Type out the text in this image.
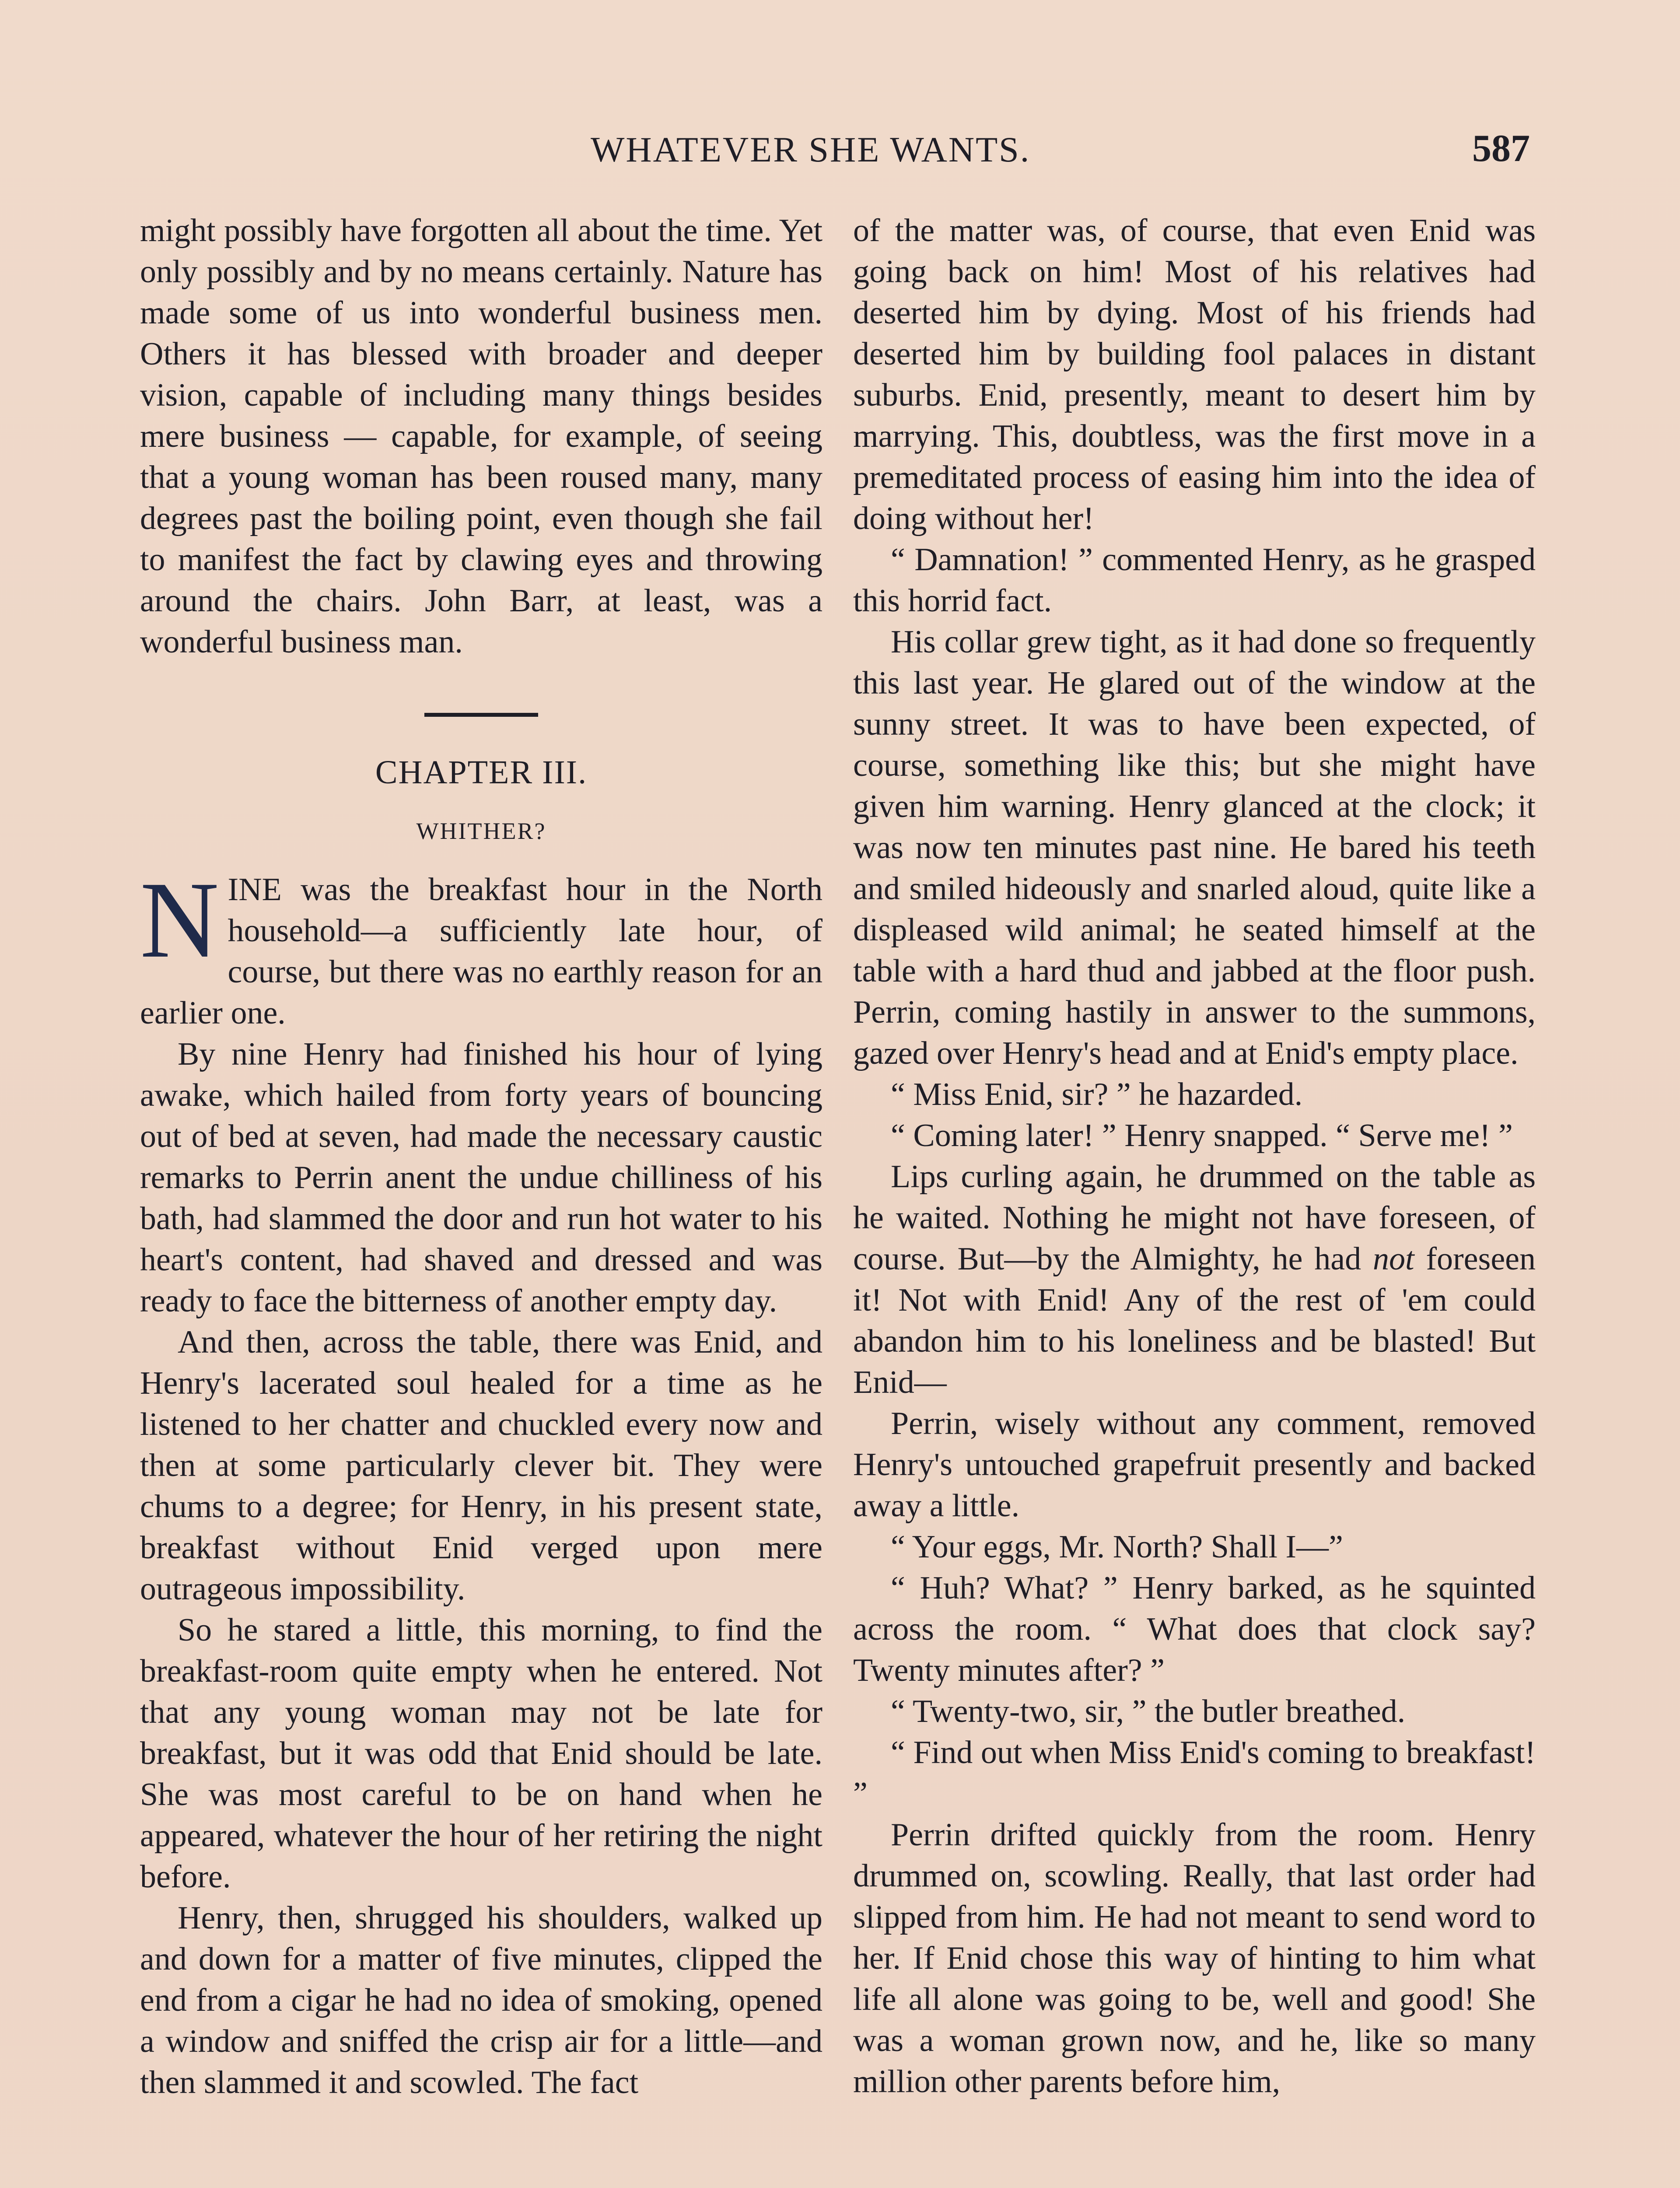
WHATEVER SHE WANTS.	587

might possibly have forgotten all about the time. Yet only possibly and by no means certainly. Nature has made some of us into wonderful business men. Others it has blessed with broader and deeper vision, capable of including many things besides mere business — capable, for example, of seeing that a young woman has been roused many, many degrees past the boiling point, even though she fail to manifest the fact by clawing eyes and throwing around the chairs. John Barr, at least, was a wonderful business man.

CHAPTER III.
WHITHER?

NINE was the breakfast hour in the North household—a sufficiently late hour, of course, but there was no earthly reason for an earlier one.

By nine Henry had finished his hour of lying awake, which hailed from forty years of bouncing out of bed at seven, had made the necessary caustic remarks to Perrin anent the undue chilliness of his bath, had slammed the door and run hot water to his heart's content, had shaved and dressed and was ready to face the bitterness of another empty day.

And then, across the table, there was Enid, and Henry's lacerated soul healed for a time as he listened to her chatter and chuckled every now and then at some particularly clever bit. They were chums to a degree; for Henry, in his present state, breakfast without Enid verged upon mere outrageous impossibility.

So he stared a little, this morning, to find the breakfast-room quite empty when he entered. Not that any young woman may not be late for breakfast, but it was odd that Enid should be late. She was most careful to be on hand when he appeared, whatever the hour of her retiring the night before.

Henry, then, shrugged his shoulders, walked up and down for a matter of five minutes, clipped the end from a cigar he had no idea of smoking, opened a window and sniffed the crisp air for a little—and then slammed it and scowled. The fact

of the matter was, of course, that even Enid was going back on him! Most of his relatives had deserted him by dying. Most of his friends had deserted him by building fool palaces in distant suburbs. Enid, presently, meant to desert him by marrying. This, doubtless, was the first move in a premeditated process of easing him into the idea of doing without her!

“ Damnation! ” commented Henry, as he grasped this horrid fact.

His collar grew tight, as it had done so frequently this last year. He glared out of the window at the sunny street. It was to have been expected, of course, something like this; but she might have given him warning. Henry glanced at the clock; it was now ten minutes past nine. He bared his teeth and smiled hideously and snarled aloud, quite like a displeased wild animal; he seated himself at the table with a hard thud and jabbed at the floor push. Perrin, coming hastily in answer to the summons, gazed over Henry's head and at Enid's empty place.

“ Miss Enid, sir? ” he hazarded.

“ Coming later! ” Henry snapped. “ Serve me! ”

Lips curling again, he drummed on the table as he waited. Nothing he might not have foreseen, of course. But—by the Almighty, he had not foreseen it! Not with Enid! Any of the rest of 'em could abandon him to his loneliness and be blasted! But Enid—

Perrin, wisely without any comment, removed Henry's untouched grapefruit presently and backed away a little.

“ Your eggs, Mr. North? Shall I—”

“ Huh? What? ” Henry barked, as he squinted across the room. “ What does that clock say? Twenty minutes after? ”

“ Twenty-two, sir, ” the butler breathed.

“ Find out when Miss Enid's coming to breakfast! ”

Perrin drifted quickly from the room. Henry drummed on, scowling. Really, that last order had slipped from him. He had not meant to send word to her. If Enid chose this way of hinting to him what life all alone was going to be, well and good! She was a woman grown now, and he, like so many million other parents before him,
